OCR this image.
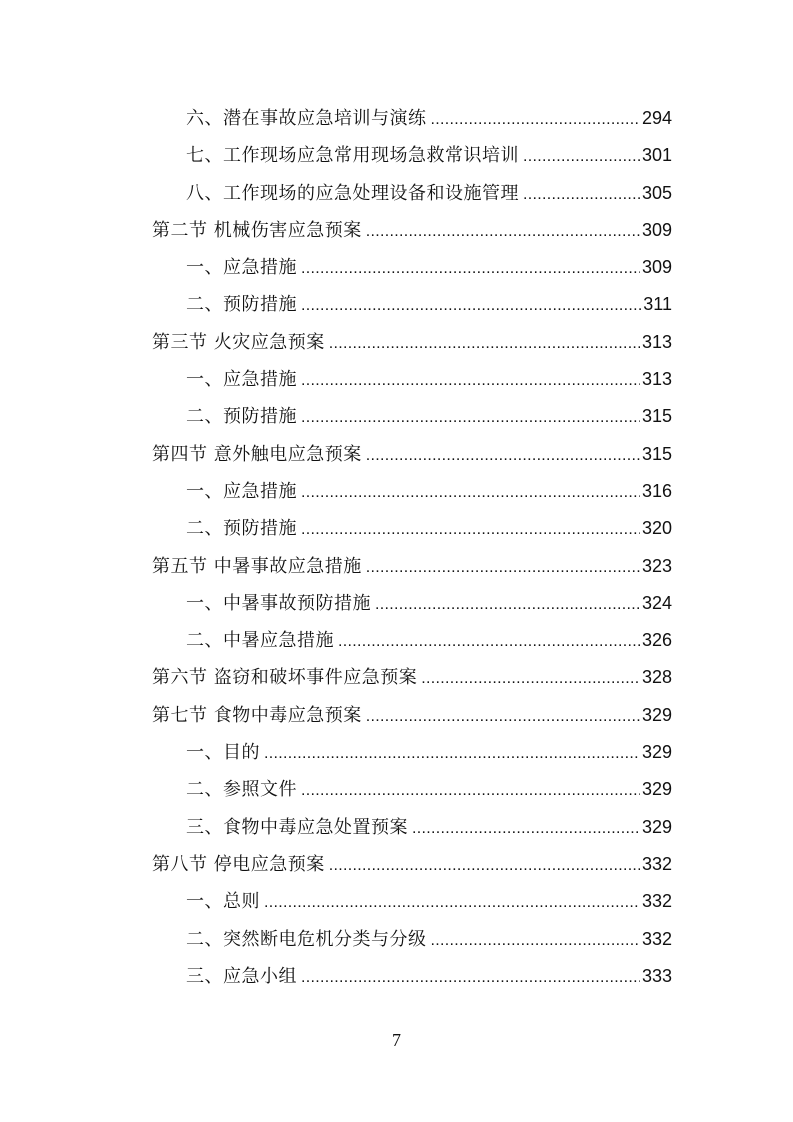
六、潜在事故应急培训与演练 .....	294
七、工作现场应急常用现场急救常识培训 .....	301
八、工作现场的应急处理设备和设施管理 .....	305
第二节 机械伤害应急预案 .....	309
一、应急措施 .....	309
二、预防措施 .....	311
第三节 火灾应急预案 .....	313
一、应急措施 .....	313
二、预防措施 .....	315
第四节 意外触电应急预案 .....	315
一、应急措施 .....	316
二、预防措施 .....	320
第五节 中暑事故应急措施 .....	323
一、中暑事故预防措施 .....	324
二、中暑应急措施 .....	326
第六节 盗窃和破坏事件应急预案 .....	328
第七节 食物中毒应急预案 .....	329
一、目的 .....	329
二、参照文件 .....	329
三、食物中毒应急处置预案 .....	329
第八节 停电应急预案 .....	332
一、总则 .....	332
二、突然断电危机分类与分级 .....	332
三、应急小组 .....	333
7
